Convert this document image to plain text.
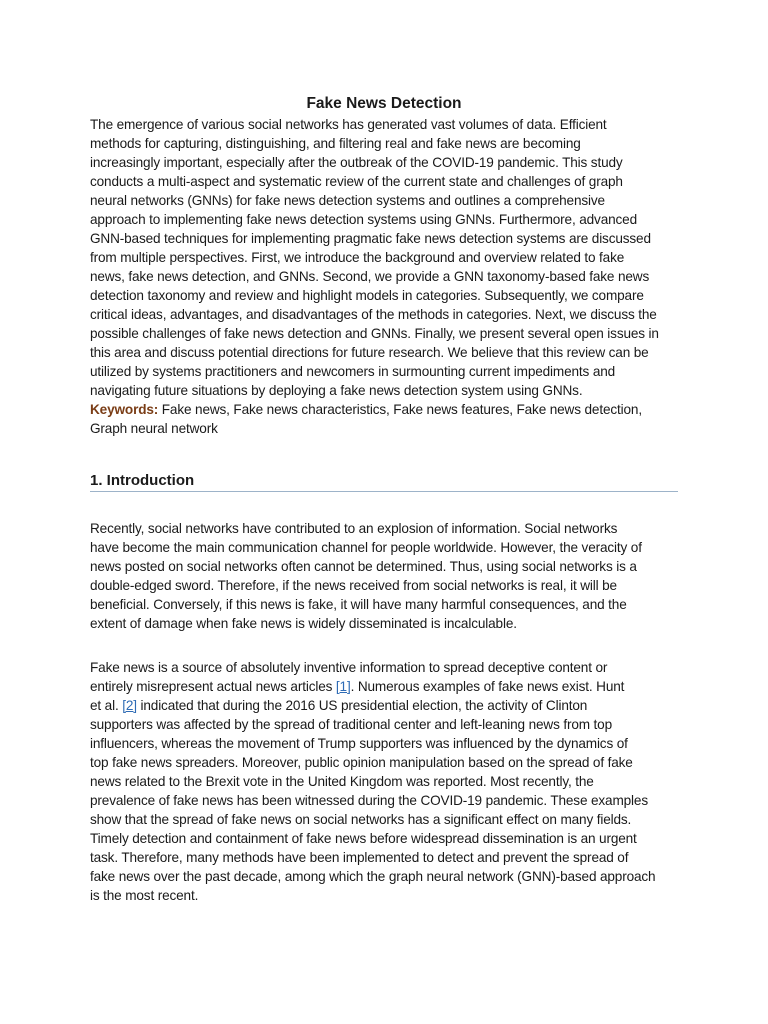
Fake News Detection
The emergence of various social networks has generated vast volumes of data. Efficient
methods for capturing, distinguishing, and filtering real and fake news are becoming
increasingly important, especially after the outbreak of the COVID-19 pandemic. This study
conducts a multi-aspect and systematic review of the current state and challenges of graph
neural networks (GNNs) for fake news detection systems and outlines a comprehensive
approach to implementing fake news detection systems using GNNs. Furthermore, advanced
GNN-based techniques for implementing pragmatic fake news detection systems are discussed
from multiple perspectives. First, we introduce the background and overview related to fake
news, fake news detection, and GNNs. Second, we provide a GNN taxonomy-based fake news
detection taxonomy and review and highlight models in categories. Subsequently, we compare
critical ideas, advantages, and disadvantages of the methods in categories. Next, we discuss the
possible challenges of fake news detection and GNNs. Finally, we present several open issues in
this area and discuss potential directions for future research. We believe that this review can be
utilized by systems practitioners and newcomers in surmounting current impediments and
navigating future situations by deploying a fake news detection system using GNNs.
Keywords: Fake news, Fake news characteristics, Fake news features, Fake news detection,
Graph neural network
1. Introduction
Recently, social networks have contributed to an explosion of information. Social networks
have become the main communication channel for people worldwide. However, the veracity of
news posted on social networks often cannot be determined. Thus, using social networks is a
double-edged sword. Therefore, if the news received from social networks is real, it will be
beneficial. Conversely, if this news is fake, it will have many harmful consequences, and the
extent of damage when fake news is widely disseminated is incalculable.
Fake news is a source of absolutely inventive information to spread deceptive content or
entirely misrepresent actual news articles [1]. Numerous examples of fake news exist. Hunt
et al. [2] indicated that during the 2016 US presidential election, the activity of Clinton
supporters was affected by the spread of traditional center and left-leaning news from top
influencers, whereas the movement of Trump supporters was influenced by the dynamics of
top fake news spreaders. Moreover, public opinion manipulation based on the spread of fake
news related to the Brexit vote in the United Kingdom was reported. Most recently, the
prevalence of fake news has been witnessed during the COVID-19 pandemic. These examples
show that the spread of fake news on social networks has a significant effect on many fields.
Timely detection and containment of fake news before widespread dissemination is an urgent
task. Therefore, many methods have been implemented to detect and prevent the spread of
fake news over the past decade, among which the graph neural network (GNN)-based approach
is the most recent.
